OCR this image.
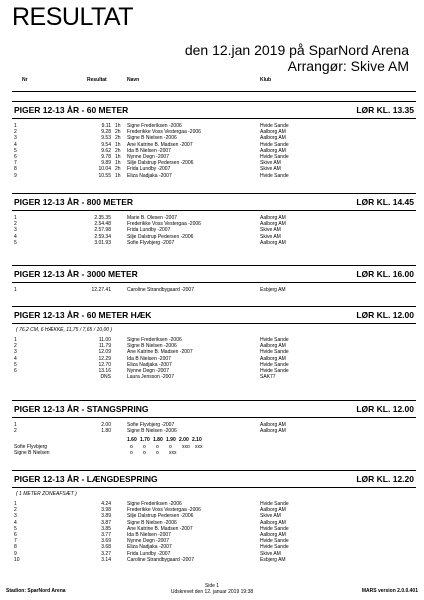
RESULTAT
den 12.jan 2019 på SparNord Arena
Arrangør: Skive AM
Nr	Resultat	Navn	Klub
PIGER 12-13 ÅR - 60 METER	LØR KL. 13.35
1	9.11 1h Signe Frederiksen -2006	Hvide Sande
2	9.28 2h Frederikke Voss Vestergaa -2006	Aalborg AM
3	9.53 2h Signe B Nielsen -2006	Aalborg AM
4	9.54 1h Ane Katrine B. Madsen -2007	Hvide Sande
5	9.62 2h Ida B Nielsen -2007	Aalborg AM
6	9.78 1h Nynne Degn -2007	Hvide Sande
7	9.89 1h Silje Dalstrup Pedersen -2006	Skive AM
8	10.04 2h Frida Lundby -2007	Skive AM
9	10.55 1h Eliza Nadjaka -2007	Hvide Sande
PIGER 12-13 ÅR - 800 METER	LØR KL. 14.45
1	2.35.35	Marie B. Olesen -2007	Aalborg AM
2	2.54.48	Frederikke Voss Vestergaa -2006	Aalborg AM
3	2.57.98	Frida Lundby -2007	Skive AM
4	2.59.34	Silje Dalstrup Pedersen -2006	Skive AM
5	3.01.93	Sofie Flyvbjerg -2007	Aalborg AM
PIGER 12-13 ÅR - 3000 METER	LØR KL. 16.00
1	12.27.41	Caroline Strandbygaard -2007	Esbjerg AM
PIGER 12-13 ÅR - 60 METER HÆK	LØR KL. 12.00
( 76,2 CM, 6 HÆKKE, 11,75 / 7,65 / 10,00 )
1	11.00	Signe Frederiksen -2006	Hvide Sande
2	11.79	Signe B Nielsen -2006	Aalborg AM
3	12.09	Ane Katrine B. Madsen -2007	Hvide Sande
4	12.29	Ida B Nielsen -2007	Aalborg AM
5	12.70	Eliza Nadjaka -2007	Hvide Sande
6	13.16	Nynne Degn -2007	Hvide Sande
DNS	Laura Jensson -2007	SAK77
PIGER 12-13 ÅR - STANGSPRING	LØR KL. 12.00
1	2.00	Sofie Flyvbjerg -2007	Aalborg AM
2	1.80	Signe B Nielsen -2006	Aalborg AM
1.60 1.70 1.80 1.90 2.00 2.10
Sofie Flyvbjerg	o o o o xxo xxx
Signe B Nielsen	o o o xxx
PIGER 12-13 ÅR - LÆNGDESPRING	LØR KL. 12.20
( 1 METER ZONEAFSÆT )
1	4.24	Signe Frederiksen -2006	Hvide Sande
2	3.98	Frederikke Voss Vestergaa -2006	Aalborg AM
3	3.89	Silje Dalstrup Pedersen -2006	Skive AM
4	3.87	Signe B Nielsen -2006	Aalborg AM
5	3.85	Ane Katrine B. Madsen -2007	Hvide Sande
6	3.77	Ida B Nielsen -2007	Aalborg AM
7	3.69	Nynne Degn -2007	Hvide Sande
8	3.68	Eliza Nadjaka -2007	Hvide Sande
9	3.27	Frida Lundby -2007	Skive AM
10	3.14	Caroline Strandbygaard -2007	Esbjerg AM
Stadion: SparNord Arena
Side 1
Udskrevet den 12. januar 2019 19:38	MARS version 2.0.0.401
